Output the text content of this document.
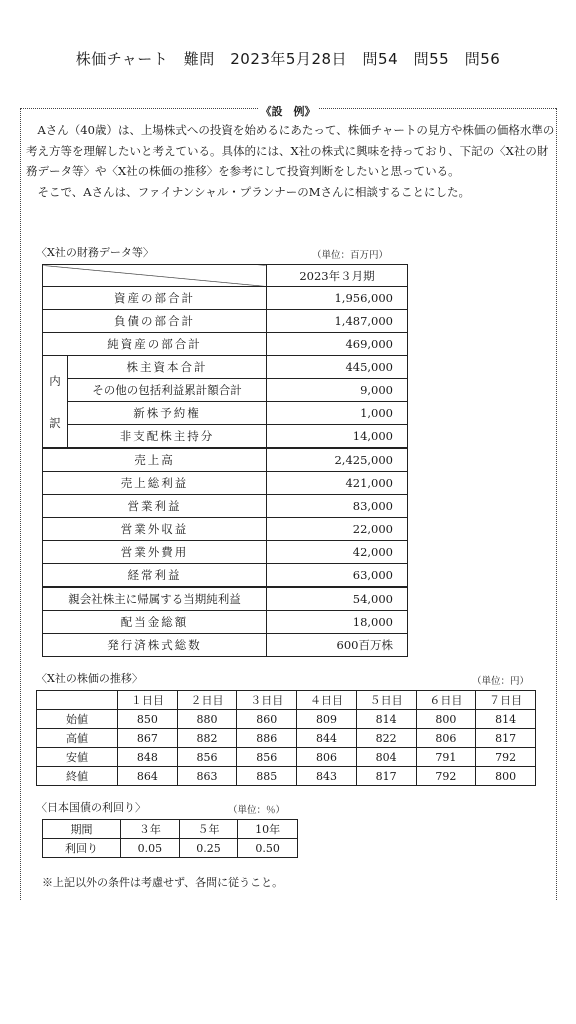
株価チャート　難問　2023年5月28日　問54　問55　問56
《設　例》

Aさん（40歳）は、上場株式への投資を始めるにあたって、株価チャートの見方や株価の価格水準の考え方等を理解したいと考えている。具体的には、X社の株式に興味を持っており、下記の〈X社の財務データ等〉や〈X社の株価の推移〉を参考にして投資判断をしたいと思っている。

そこで、Aさんは、ファイナンシャル・プランナーのMさんに相談することにした。

〈X社の財務データ等〉	（単位：百万円）
		2023年３月期
資産の部合計		1,956,000
負債の部合計		1,487,000
純資産の部合計		469,000
内
訳	株主資本合計	445,000
	その他の包括利益累計額合計	9,000
	新株予約権	1,000
	非支配株主持分	14,000
売上高		2,425,000
売上総利益		421,000
営業利益		83,000
営業外収益		22,000
営業外費用		42,000
経常利益		63,000
親会社株主に帰属する当期純利益		54,000
配当金総額		18,000
発行済株式総数		600百万株
〈X社の株価の推移〉	（単位：円）
	１日目	２日目	３日目	４日目	５日目	６日目	７日目
始値	850	880	860	809	814	800	814
高値	867	882	886	844	822	806	817
安値	848	856	856	806	804	791	792
終値	864	863	885	843	817	792	800
〈日本国債の利回り〉	（単位：％）
期間	３年	５年	10年
利回り	0.05	0.25	0.50
※上記以外の条件は考慮せず、各問に従うこと。
